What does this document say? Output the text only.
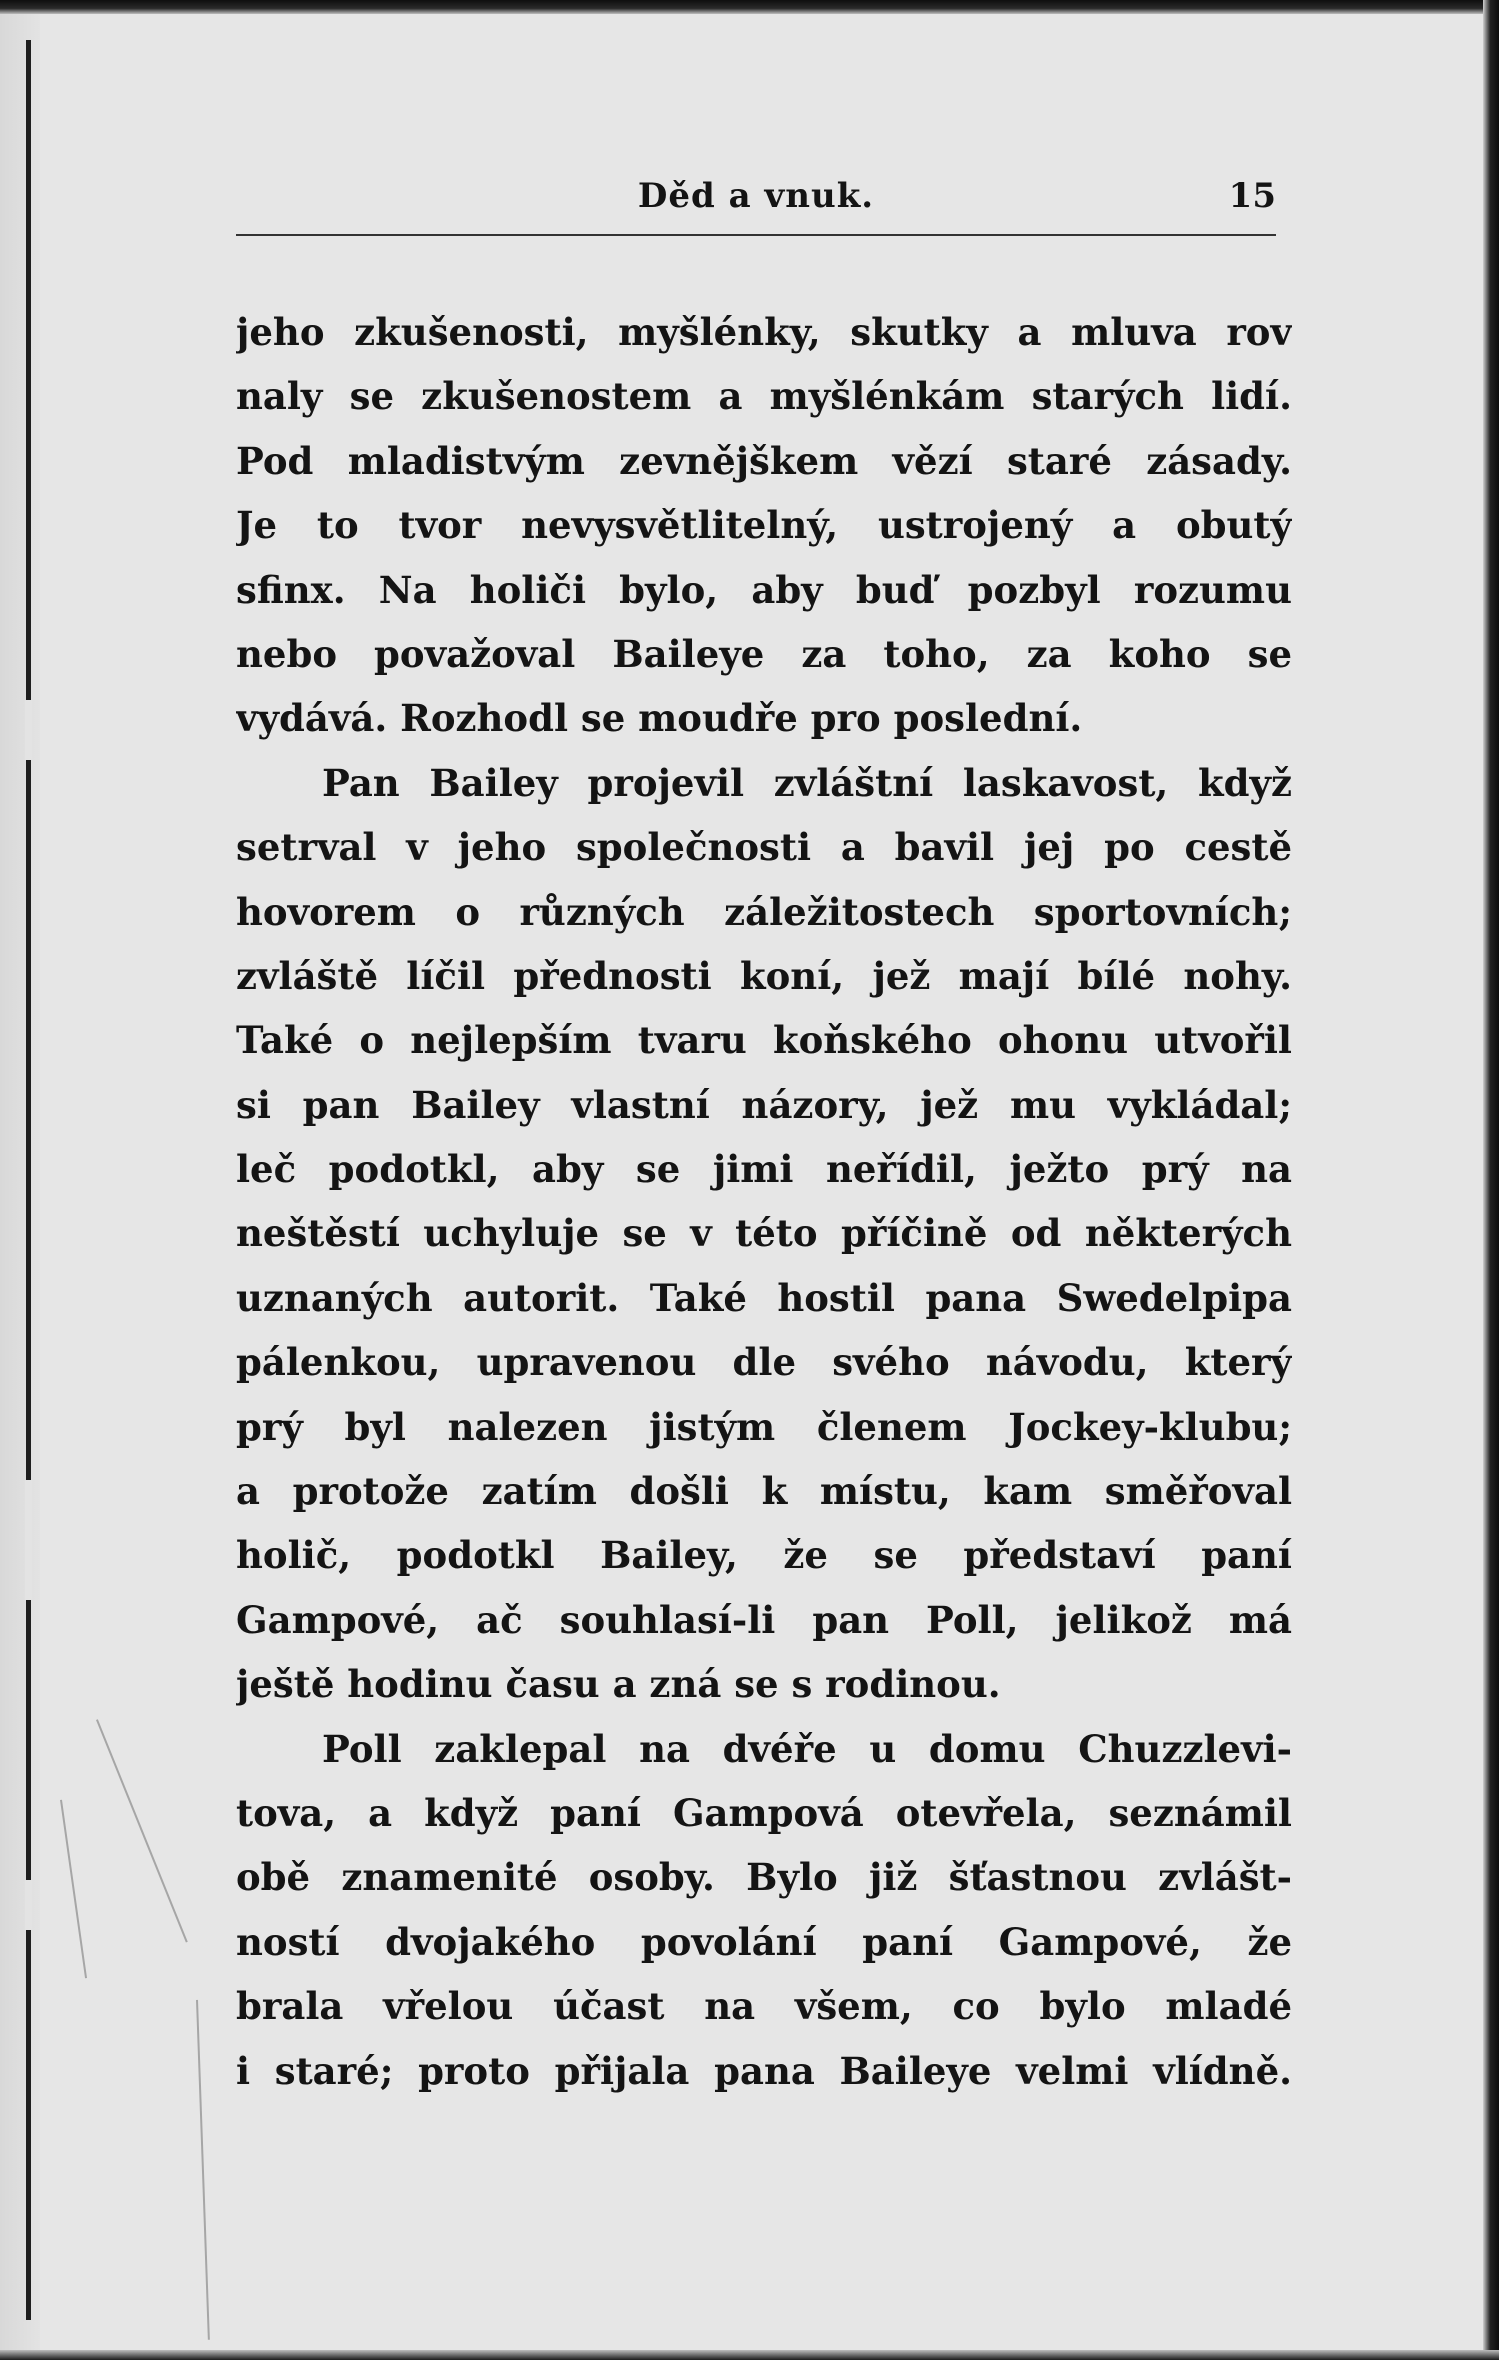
Děd a vnuk.	15
jeho zkušenosti, myšlénky, skutky a mluva rov
naly se zkušenostem a myšlénkám starých lidí.
Pod mladistvým zevnějškem vězí staré zásady.
Je to tvor nevysvětlitelný, ustrojený a obutý
sfinx. Na holiči bylo, aby buď pozbyl rozumu
nebo považoval Baileye za toho, za koho se
vydává. Rozhodl se moudře pro poslední.
Pan Bailey projevil zvláštní laskavost, když
setrval v jeho společnosti a bavil jej po cestě
hovorem o různých záležitostech sportovních;
zvláště líčil přednosti koní, jež mají bílé nohy.
Také o nejlepším tvaru koňského ohonu utvořil
si pan Bailey vlastní názory, jež mu vykládal;
leč podotkl, aby se jimi neřídil, ježto prý na
neštěstí uchyluje se v této příčině od některých
uznaných autorit. Také hostil pana Swedelpipa
pálenkou, upravenou dle svého návodu, který
prý byl nalezen jistým členem Jockey-klubu;
a protože zatím došli k místu, kam směřoval
holič, podotkl Bailey, že se představí paní
Gampové, ač souhlasí-li pan Poll, jelikož má
ještě hodinu času a zná se s rodinou.
Poll zaklepal na dvéře u domu Chuzzlevi-
tova, a když paní Gampová otevřela, seznámil
obě znamenité osoby. Bylo již šťastnou zvlášt-
ností dvojakého povolání paní Gampové, že
brala vřelou účast na všem, co bylo mladé
i staré; proto přijala pana Baileye velmi vlídně.
